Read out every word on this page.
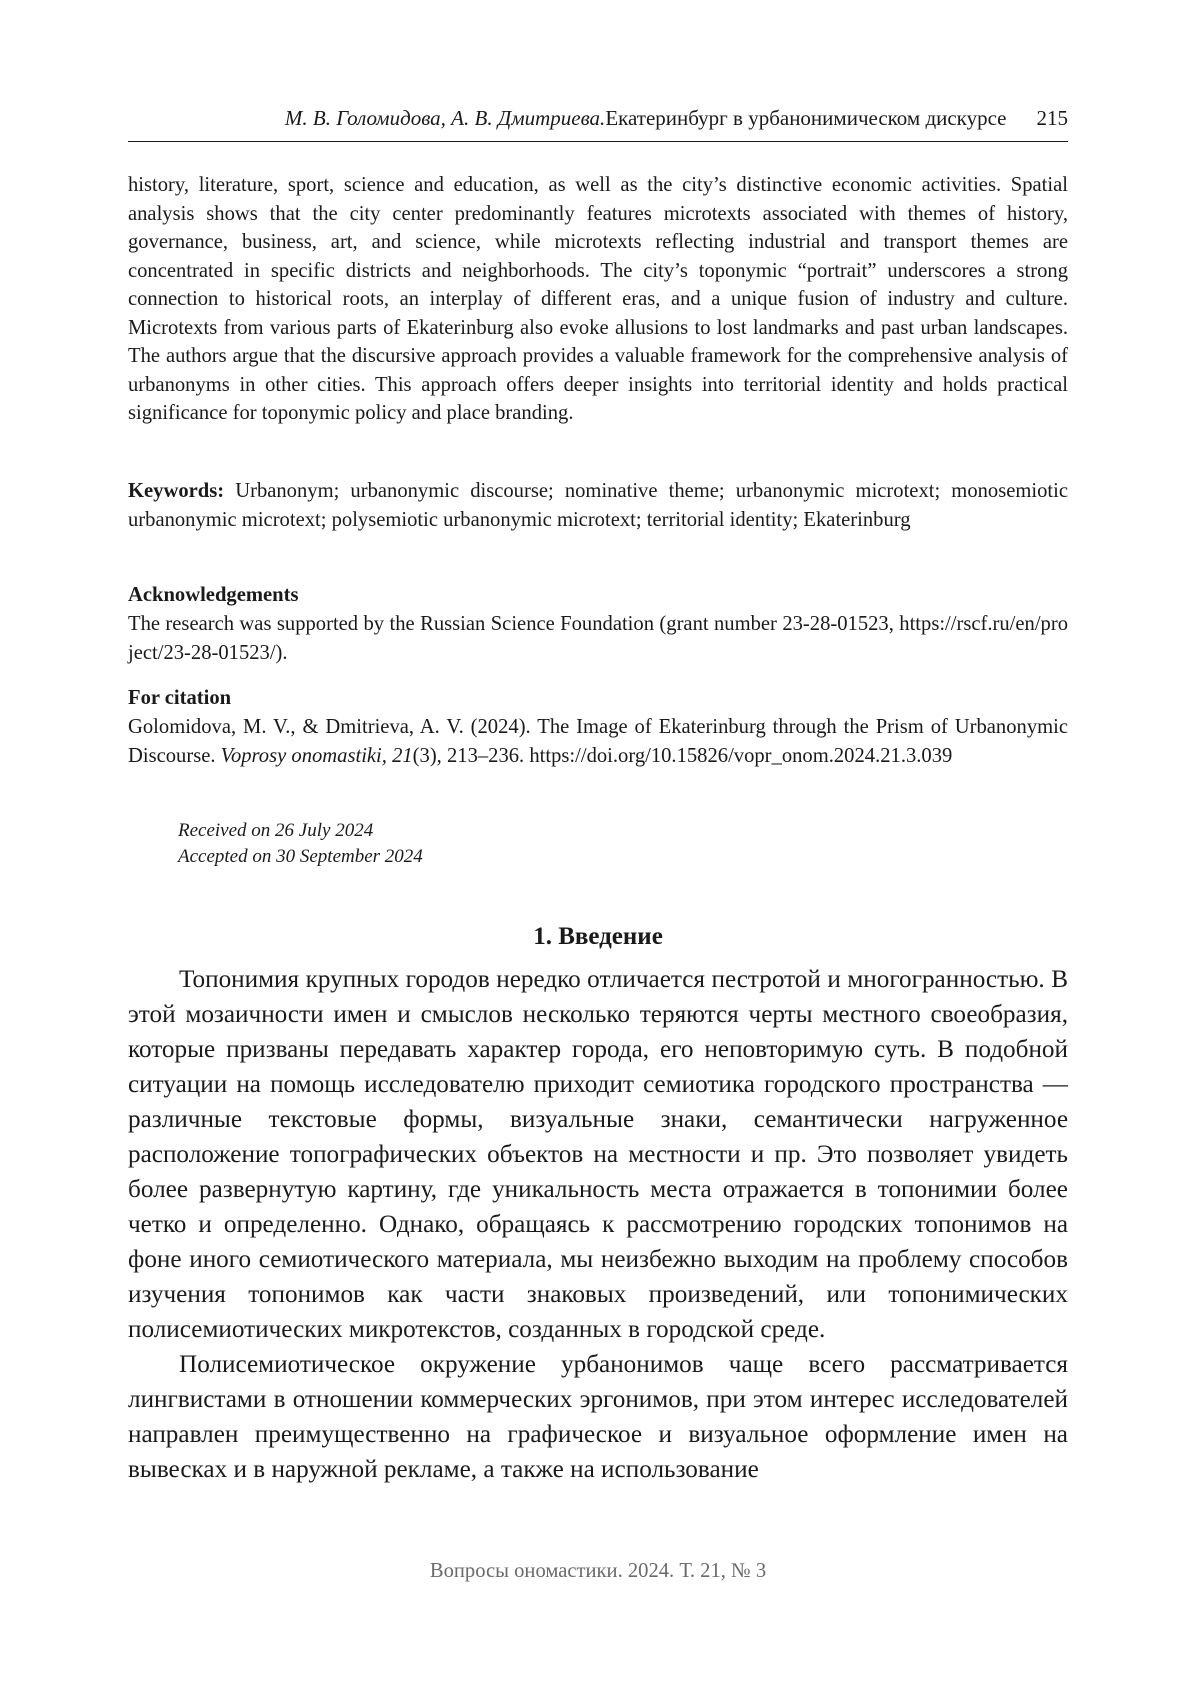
М. В. Голомидова, А. В. Дмитриева. Екатеринбург в урбанонимическом дискурсе 215
history, literature, sport, science and education, as well as the city’s distinctive economic activities. Spatial analysis shows that the city center predominantly features microtexts associated with themes of history, governance, business, art, and science, while microtexts reflecting industrial and transport themes are concentrated in specific districts and neighborhoods. The city’s toponymic “portrait” underscores a strong connection to historical roots, an interplay of different eras, and a unique fusion of industry and culture. Microtexts from various parts of Ekaterinburg also evoke allusions to lost landmarks and past urban landscapes. The authors argue that the discursive approach provides a valuable framework for the comprehensive analysis of urbanonyms in other cities. This approach offers deeper insights into territorial identity and holds practical significance for toponymic policy and place branding.
Keywords: Urbanonym; urbanonymic discourse; nominative theme; urbanonymic microtext; monosemiotic urbanonymic microtext; polysemiotic urbanonymic microtext; territorial identity; Ekaterinburg
Acknowledgements
The research was supported by the Russian Science Foundation (grant number 23-28-01523, https://rscf.ru/en/project/23-28-01523/).
For citation
Golomidova, M. V., & Dmitrieva, A. V. (2024). The Image of Ekaterinburg through the Prism of Urbanonymic Discourse. Voprosy onomastiki, 21(3), 213–236. https://doi.org/10.15826/vopr_onom.2024.21.3.039
Received on 26 July 2024
Accepted on 30 September 2024
1. Введение

Топонимия крупных городов нередко отличается пестротой и многогранностью. В этой мозаичности имен и смыслов несколько теряются черты местного своеобразия, которые призваны передавать характер города, его неповторимую суть. В подобной ситуации на помощь исследователю приходит семиотика городского пространства — различные текстовые формы, визуальные знаки, семантически нагруженное расположение топографических объектов на местности и пр. Это позволяет увидеть более развернутую картину, где уникальность места отражается в топонимии более четко и определенно. Однако, обращаясь к рассмотрению городских топонимов на фоне иного семиотического материала, мы неизбежно выходим на проблему способов изучения топонимов как части знаковых произведений, или топонимических полисемиотических микротекстов, созданных в городской среде.

Полисемиотическое окружение урбанонимов чаще всего рассматривается лингвистами в отношении коммерческих эргонимов, при этом интерес исследователей направлен преимущественно на графическое и визуальное оформление имен на вывесках и в наружной рекламе, а также на использование

Вопросы ономастики. 2024. Т. 21, № 3
